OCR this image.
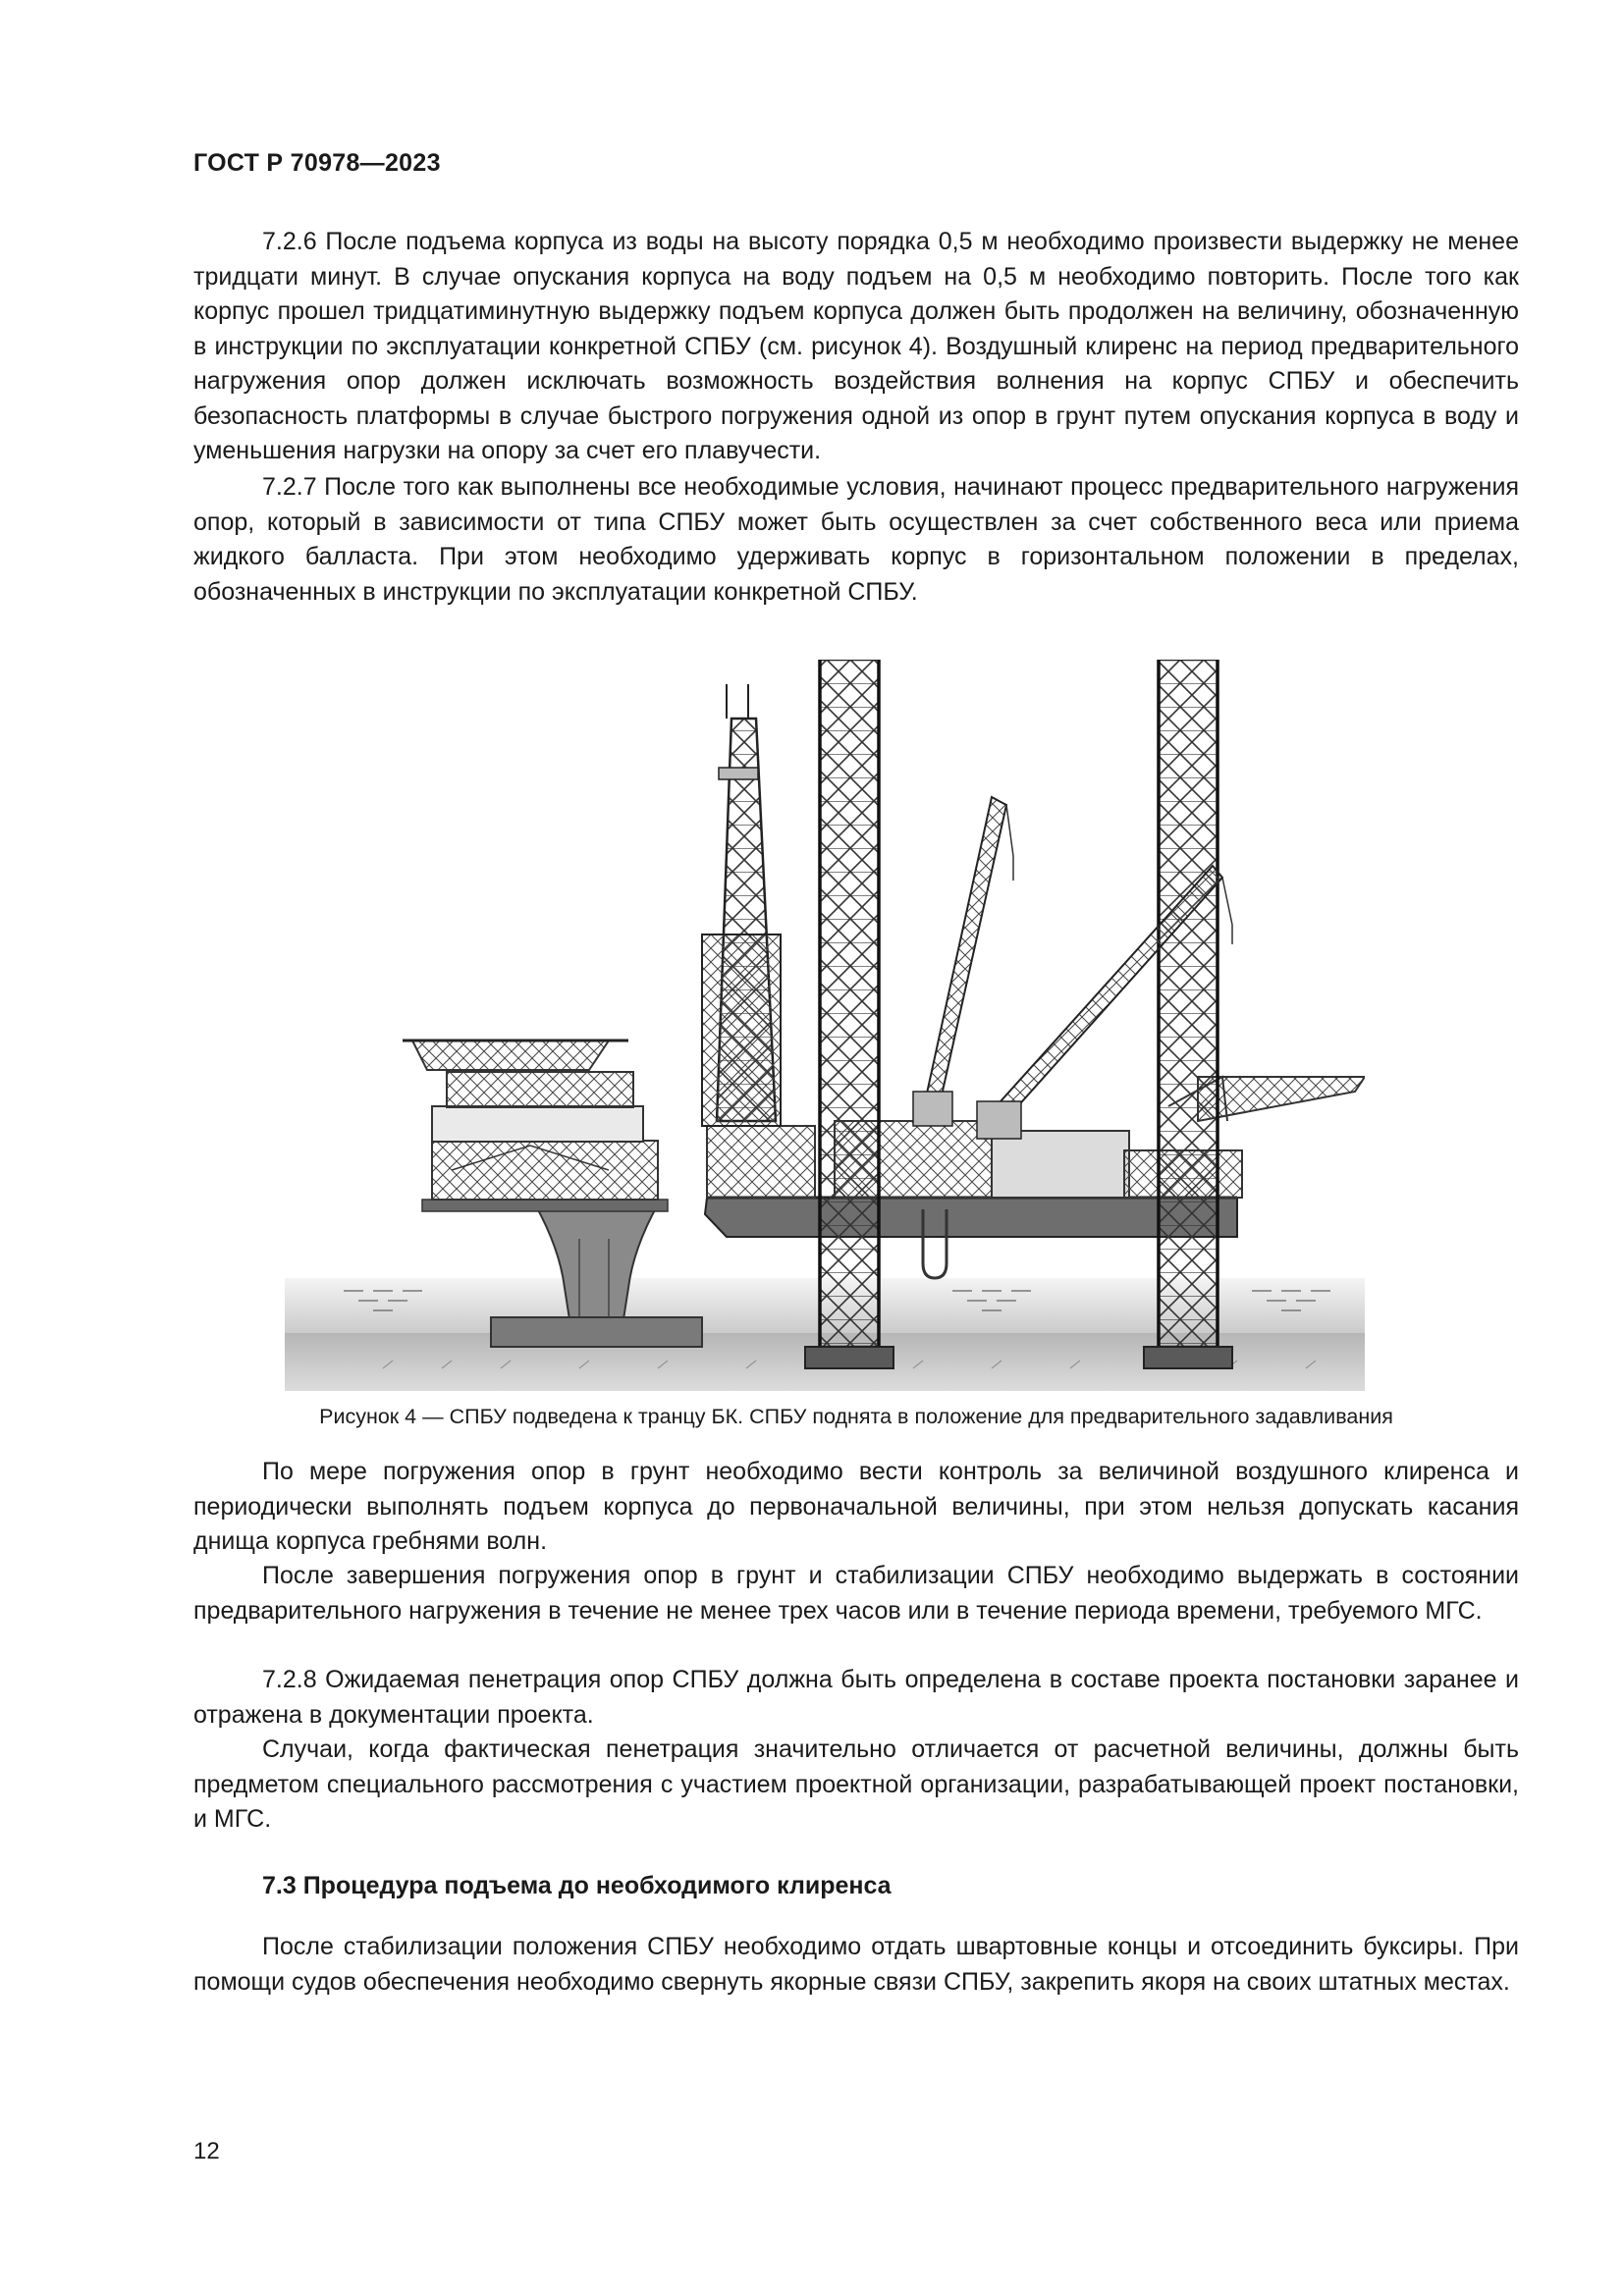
ГОСТ Р 70978—2023

7.2.6 После подъема корпуса из воды на высоту порядка 0,5 м необходимо произвести выдержку не менее тридцати минут. В случае опускания корпуса на воду подъем на 0,5 м необходимо повторить. После того как корпус прошел тридцатиминутную выдержку подъем корпуса должен быть продолжен на величину, обозначенную в инструкции по эксплуатации конкретной СПБУ (см. рисунок 4). Воздушный клиренс на период предварительного нагружения опор должен исключать возможность воздействия волнения на корпус СПБУ и обеспечить безопасность платформы в случае быстрого погружения одной из опор в грунт путем опускания корпуса в воду и уменьшения нагрузки на опору за счет его плавучести.

7.2.7 После того как выполнены все необходимые условия, начинают процесс предварительного нагружения опор, который в зависимости от типа СПБУ может быть осуществлен за счет собственного веса или приема жидкого балласта. При этом необходимо удерживать корпус в горизонтальном положении в пределах, обозначенных в инструкции по эксплуатации конкретной СПБУ.

Рисунок 4 — СПБУ подведена к транцу БК. СПБУ поднята в положение для предварительного задавливания

По мере погружения опор в грунт необходимо вести контроль за величиной воздушного клиренса и периодически выполнять подъем корпуса до первоначальной величины, при этом нельзя допускать касания днища корпуса гребнями волн.

После завершения погружения опор в грунт и стабилизации СПБУ необходимо выдержать в состоянии предварительного нагружения в течение не менее трех часов или в течение периода времени, требуемого МГС.

7.2.8 Ожидаемая пенетрация опор СПБУ должна быть определена в составе проекта постановки заранее и отражена в документации проекта.

Случаи, когда фактическая пенетрация значительно отличается от расчетной величины, должны быть предметом специального рассмотрения с участием проектной организации, разрабатывающей проект постановки, и МГС.

7.3 Процедура подъема до необходимого клиренса

После стабилизации положения СПБУ необходимо отдать швартовные концы и отсоединить буксиры. При помощи судов обеспечения необходимо свернуть якорные связи СПБУ, закрепить якоря на своих штатных местах.

12
